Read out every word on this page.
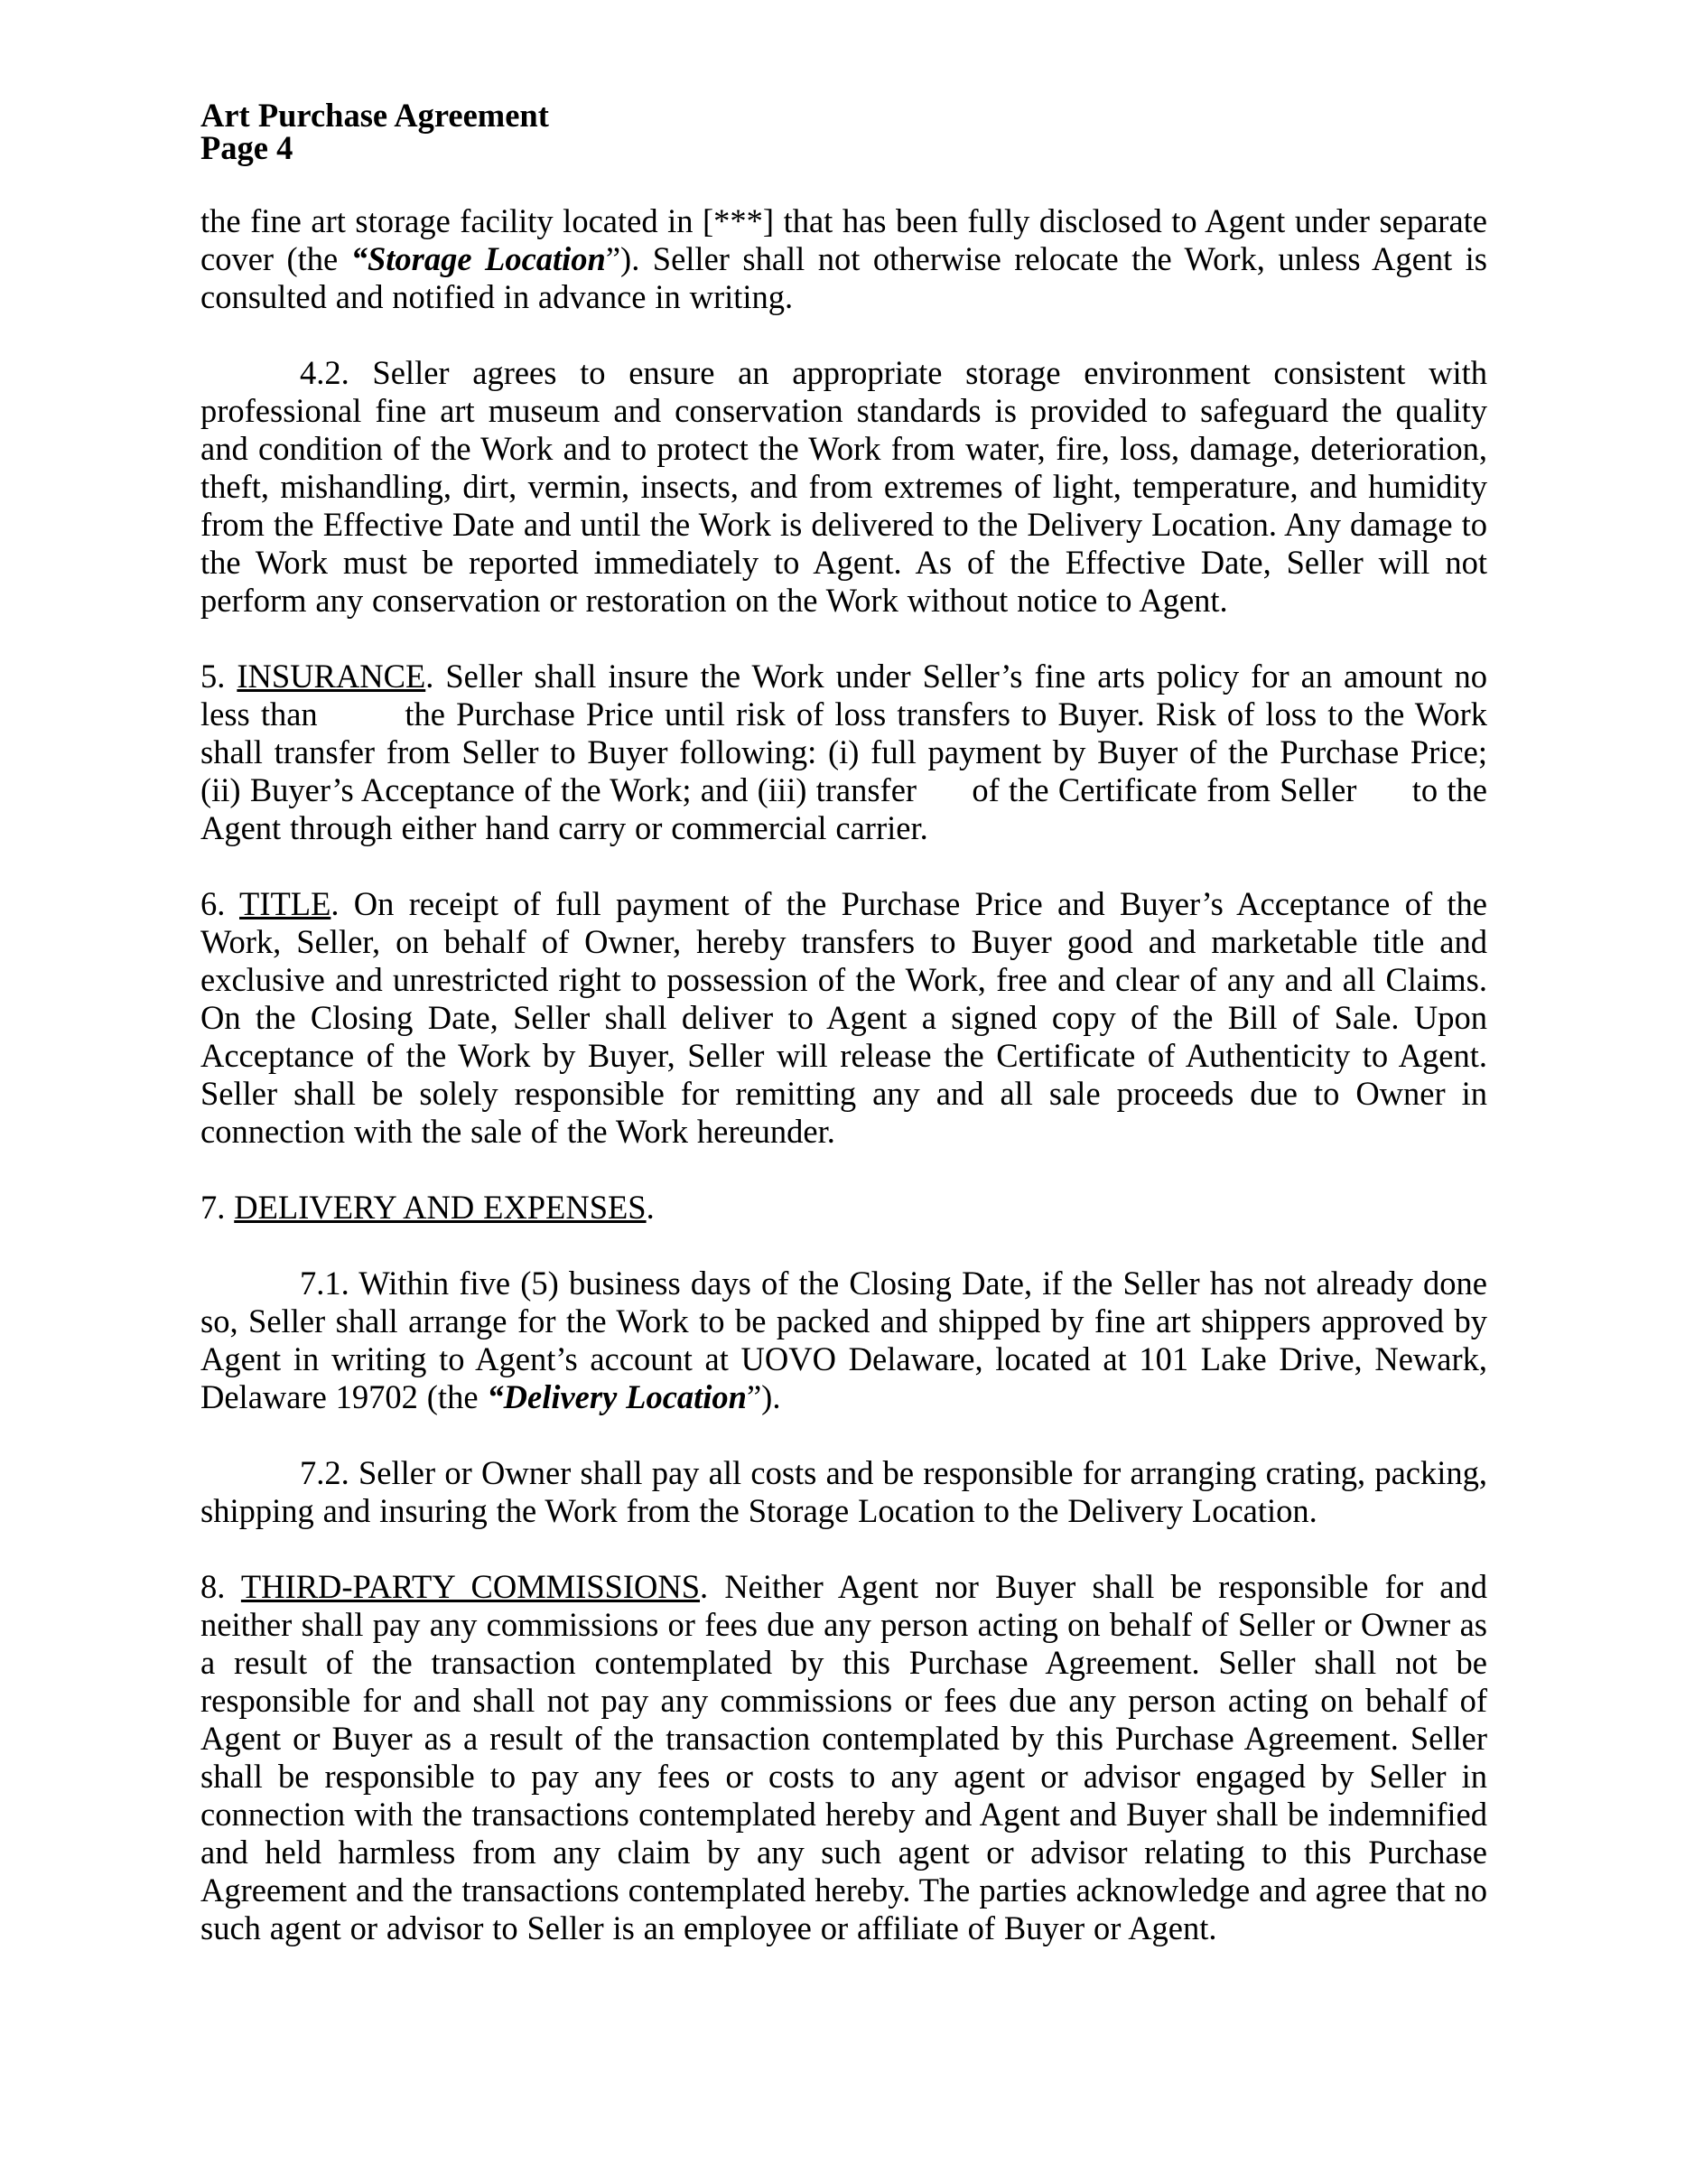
Art Purchase Agreement
Page 4

the fine art storage facility located in [***] that has been fully disclosed to Agent under separate cover (the “Storage Location”). Seller shall not otherwise relocate the Work, unless Agent is consulted and notified in advance in writing.

4.2. Seller agrees to ensure an appropriate storage environment consistent with professional fine art museum and conservation standards is provided to safeguard the quality and condition of the Work and to protect the Work from water, fire, loss, damage, deterioration, theft, mishandling, dirt, vermin, insects, and from extremes of light, temperature, and humidity from the Effective Date and until the Work is delivered to the Delivery Location. Any damage to the Work must be reported immediately to Agent. As of the Effective Date, Seller will not perform any conservation or restoration on the Work without notice to Agent.

5. INSURANCE. Seller shall insure the Work under Seller’s fine arts policy for an amount no less than        the Purchase Price until risk of loss transfers to Buyer. Risk of loss to the Work shall transfer from Seller to Buyer following: (i) full payment by Buyer of the Purchase Price; (ii) Buyer’s Acceptance of the Work; and (iii) transfer      of the Certificate from Seller      to the Agent through either hand carry or commercial carrier.

6. TITLE. On receipt of full payment of the Purchase Price and Buyer’s Acceptance of the Work, Seller, on behalf of Owner, hereby transfers to Buyer good and marketable title and exclusive and unrestricted right to possession of the Work, free and clear of any and all Claims. On the Closing Date, Seller shall deliver to Agent a signed copy of the Bill of Sale. Upon Acceptance of the Work by Buyer, Seller will release the Certificate of Authenticity to Agent. Seller shall be solely responsible for remitting any and all sale proceeds due to Owner in connection with the sale of the Work hereunder.

7. DELIVERY AND EXPENSES.

7.1. Within five (5) business days of the Closing Date, if the Seller has not already done so, Seller shall arrange for the Work to be packed and shipped by fine art shippers approved by Agent in writing to Agent’s account at UOVO Delaware, located at 101 Lake Drive, Newark, Delaware 19702 (the “Delivery Location”).

7.2. Seller or Owner shall pay all costs and be responsible for arranging crating, packing, shipping and insuring the Work from the Storage Location to the Delivery Location.

8. THIRD-PARTY COMMISSIONS. Neither Agent nor Buyer shall be responsible for and neither shall pay any commissions or fees due any person acting on behalf of Seller or Owner as a result of the transaction contemplated by this Purchase Agreement. Seller shall not be responsible for and shall not pay any commissions or fees due any person acting on behalf of Agent or Buyer as a result of the transaction contemplated by this Purchase Agreement. Seller shall be responsible to pay any fees or costs to any agent or advisor engaged by Seller in connection with the transactions contemplated hereby and Agent and Buyer shall be indemnified and held harmless from any claim by any such agent or advisor relating to this Purchase Agreement and the transactions contemplated hereby. The parties acknowledge and agree that no such agent or advisor to Seller is an employee or affiliate of Buyer or Agent.
